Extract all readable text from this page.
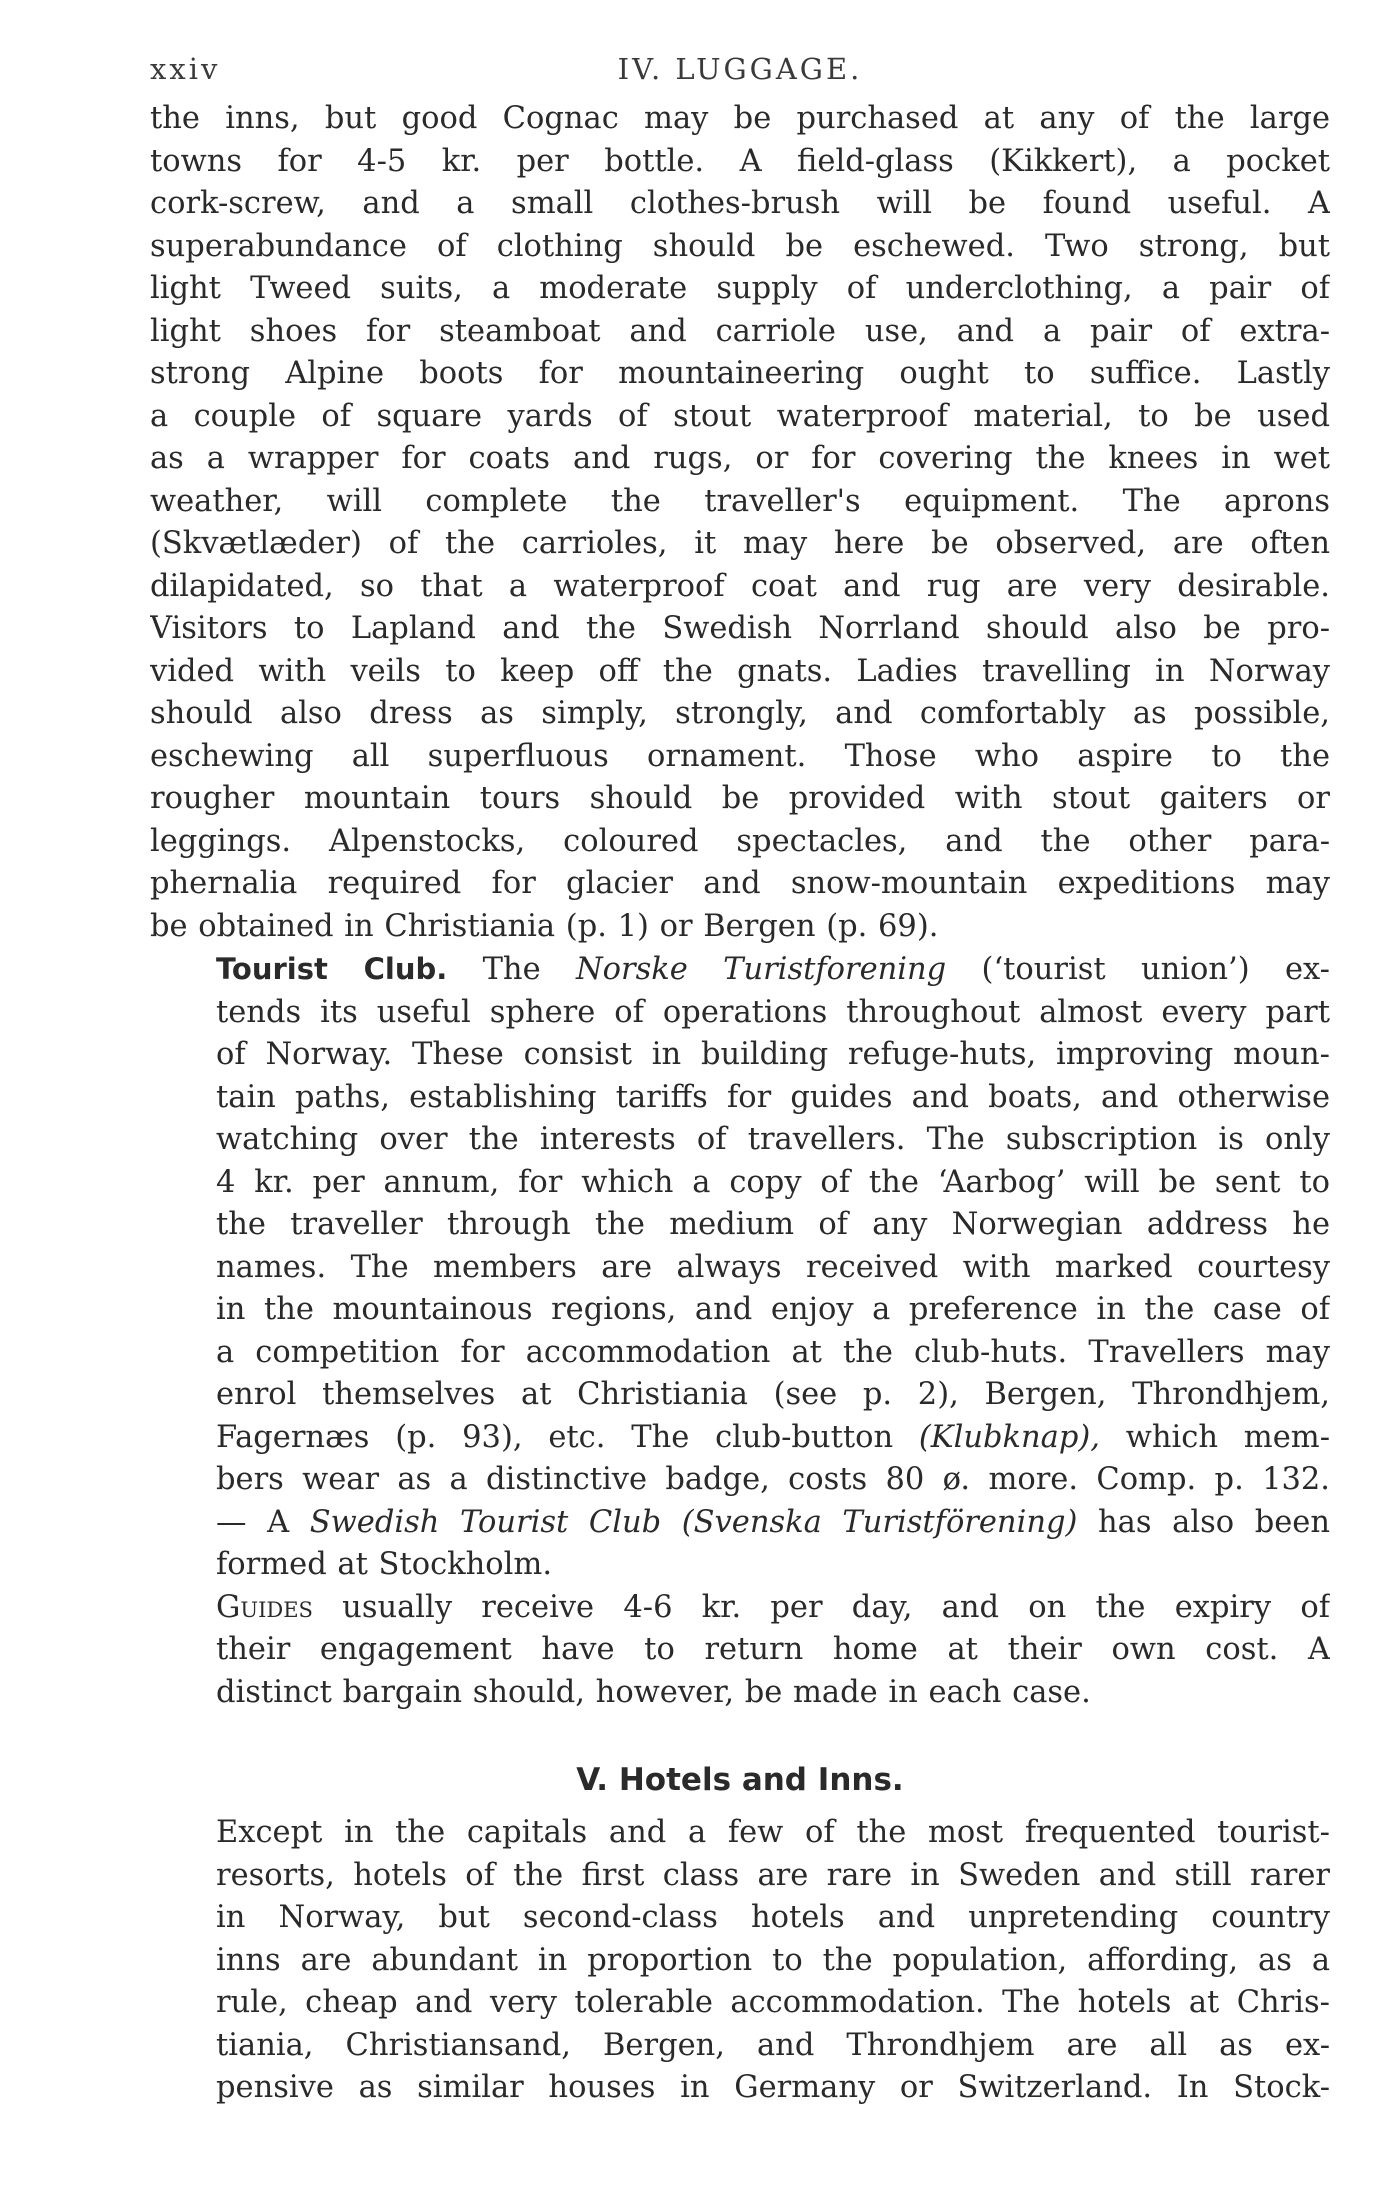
xxiv	IV. LUGGAGE.

the inns, but good Cognac may be purchased at any of the large
towns for 4-5 kr. per bottle. A field-glass (Kikkert), a pocket
cork-screw, and a small clothes-brush will be found useful. A
superabundance of clothing should be eschewed. Two strong, but
light Tweed suits, a moderate supply of underclothing, a pair of
light shoes for steamboat and carriole use, and a pair of extra-
strong Alpine boots for mountaineering ought to suffice. Lastly
a couple of square yards of stout waterproof material, to be used
as a wrapper for coats and rugs, or for covering the knees in wet
weather, will complete the traveller's equipment. The aprons
(Skvætlæder) of the carrioles, it may here be observed, are often
dilapidated, so that a waterproof coat and rug are very desirable.
Visitors to Lapland and the Swedish Norrland should also be pro-
vided with veils to keep off the gnats. Ladies travelling in Norway
should also dress as simply, strongly, and comfortably as possible,
eschewing all superfluous ornament. Those who aspire to the
rougher mountain tours should be provided with stout gaiters or
leggings. Alpenstocks, coloured spectacles, and the other para-
phernalia required for glacier and snow-mountain expeditions may
be obtained in Christiania (p. 1) or Bergen (p. 69).

Tourist Club. The Norske Turistforening (‘tourist union’) ex-
tends its useful sphere of operations throughout almost every part
of Norway. These consist in building refuge-huts, improving moun-
tain paths, establishing tariffs for guides and boats, and otherwise
watching over the interests of travellers. The subscription is only
4 kr. per annum, for which a copy of the ‘Aarbog’ will be sent to
the traveller through the medium of any Norwegian address he
names. The members are always received with marked courtesy
in the mountainous regions, and enjoy a preference in the case of
a competition for accommodation at the club-huts. Travellers may
enrol themselves at Christiania (see p. 2), Bergen, Throndhjem,
Fagernæs (p. 93), etc. The club-button (Klubknap), which mem-
bers wear as a distinctive badge, costs 80 ø. more. Comp. p. 132.
— A Swedish Tourist Club (Svenska Turistförening) has also been
formed at Stockholm.

Guides usually receive 4-6 kr. per day, and on the expiry of
their engagement have to return home at their own cost. A
distinct bargain should, however, be made in each case.

V. Hotels and Inns.

Except in the capitals and a few of the most frequented tourist-
resorts, hotels of the first class are rare in Sweden and still rarer
in Norway, but second-class hotels and unpretending country
inns are abundant in proportion to the population, affording, as a
rule, cheap and very tolerable accommodation. The hotels at Chris-
tiania, Christiansand, Bergen, and Throndhjem are all as ex-
pensive as similar houses in Germany or Switzerland. In Stock-
